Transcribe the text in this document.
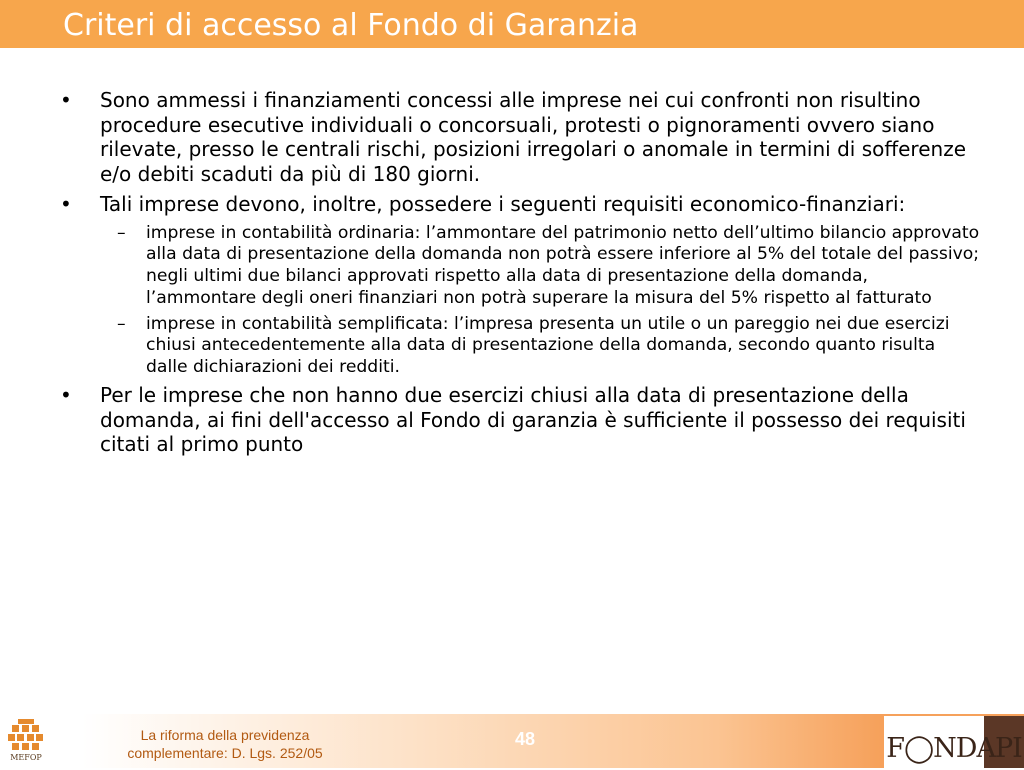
Criteri di accesso al Fondo di Garanzia
•	Sono ammessi i finanziamenti concessi alle imprese nei cui confronti non risultino procedure esecutive individuali o concorsuali, protesti o pignoramenti ovvero siano rilevate, presso le centrali rischi, posizioni irregolari o anomale in termini di sofferenze e/o debiti scaduti da più di 180 giorni.
•	Tali imprese devono, inoltre, possedere i seguenti requisiti economico-finanziari:
– imprese in contabilità ordinaria: l’ammontare del patrimonio netto dell’ultimo bilancio approvato alla data di presentazione della domanda non potrà essere inferiore al 5% del totale del passivo; negli ultimi due bilanci approvati rispetto alla data di presentazione della domanda, l’ammontare degli oneri finanziari non potrà superare la misura del 5% rispetto al fatturato
– imprese in contabilità semplificata: l’impresa presenta un utile o un pareggio nei due esercizi chiusi antecedentemente alla data di presentazione della domanda, secondo quanto risulta dalle dichiarazioni dei redditi.
•	Per le imprese che non hanno due esercizi chiusi alla data di presentazione della domanda, ai fini dell'accesso al Fondo di garanzia è sufficiente il possesso dei requisiti citati al primo punto
MEFOP
La riforma della previdenza complementare: D. Lgs. 252/05
48	F◯NDAPI
